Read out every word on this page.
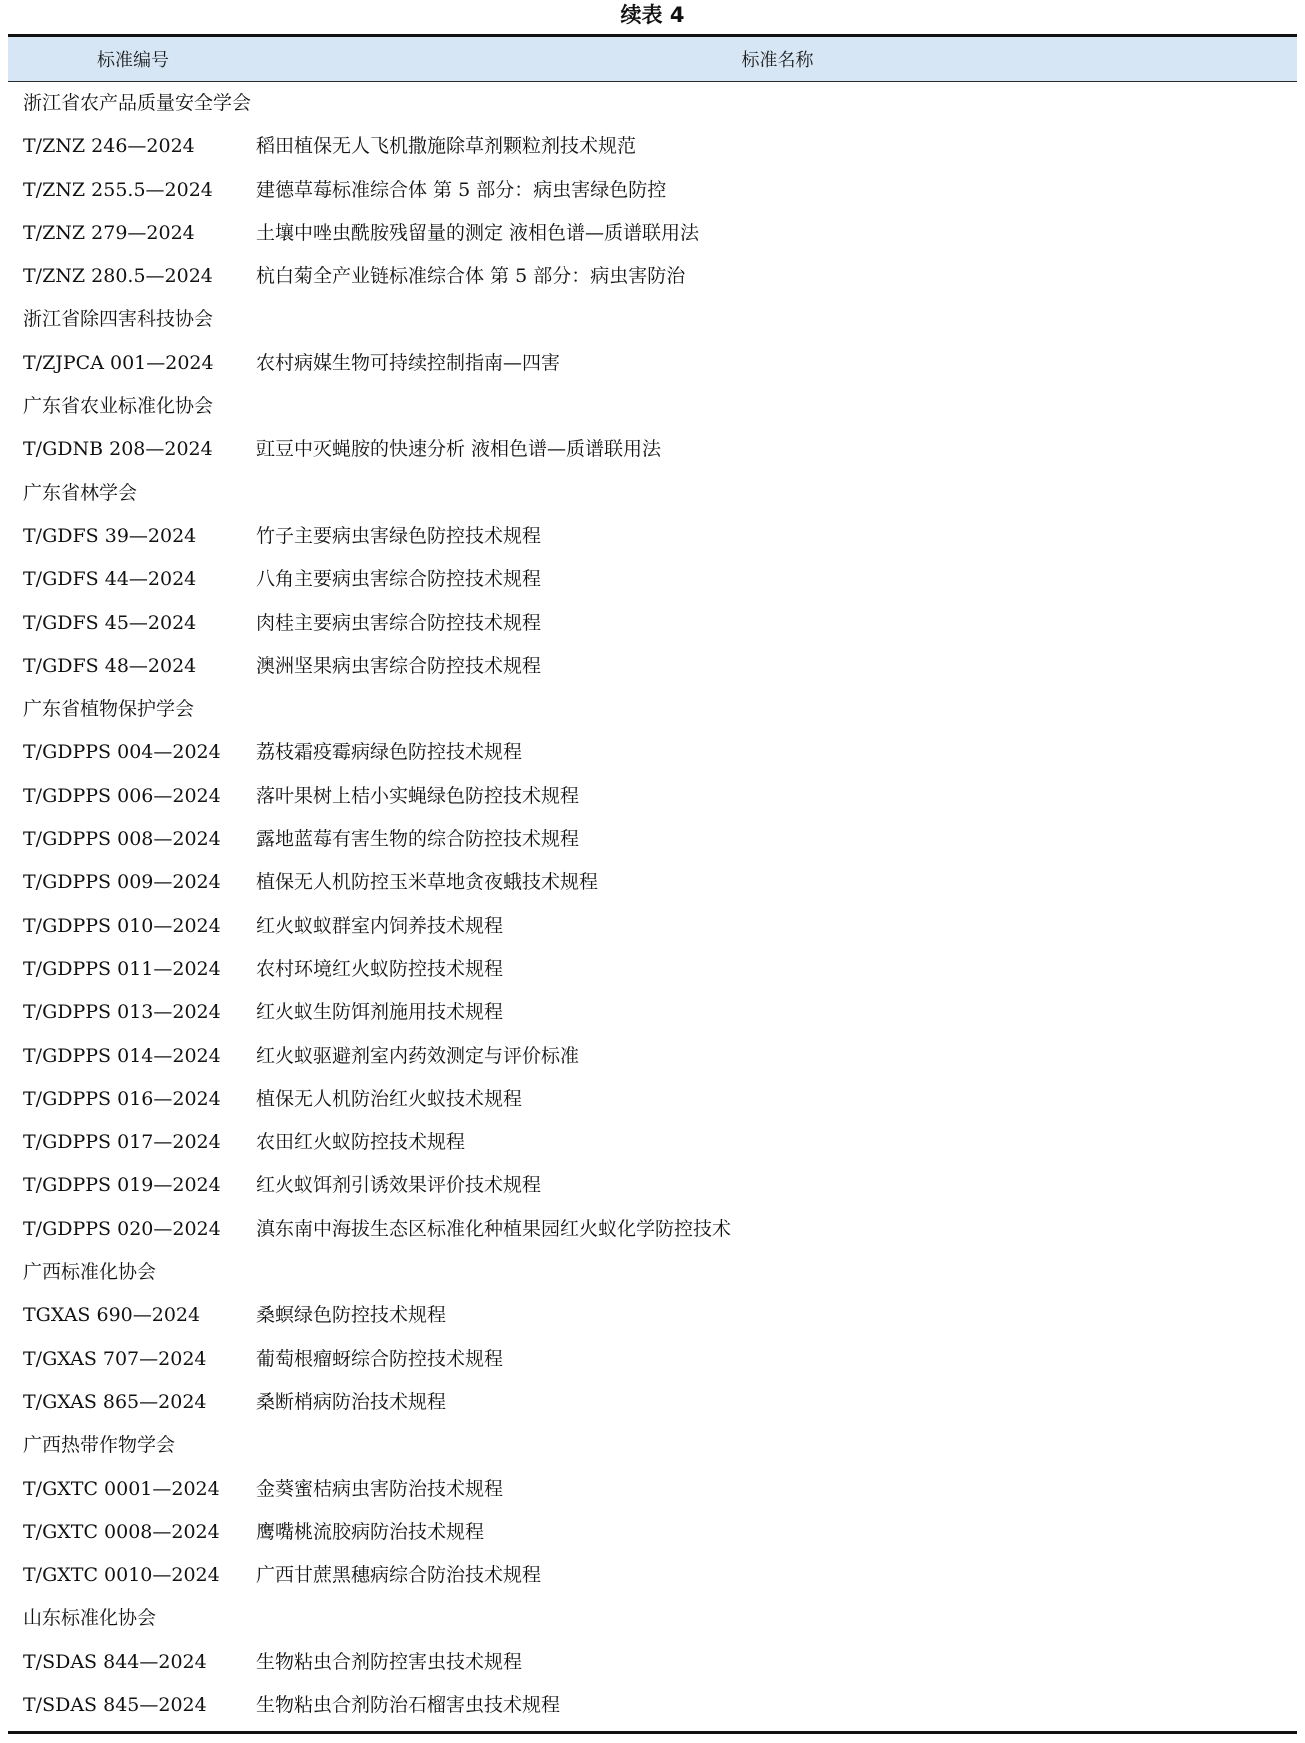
续表 4
标准编号	标准名称
浙江省农产品质量安全学会
T/ZNZ 246—2024	稻田植保无人飞机撒施除草剂颗粒剂技术规范
T/ZNZ 255.5—2024	建德草莓标准综合体 第 5 部分：病虫害绿色防控
T/ZNZ 279—2024	土壤中唑虫酰胺残留量的测定 液相色谱—质谱联用法
T/ZNZ 280.5—2024	杭白菊全产业链标准综合体 第 5 部分：病虫害防治
浙江省除四害科技协会
T/ZJPCA 001—2024	农村病媒生物可持续控制指南—四害
广东省农业标准化协会
T/GDNB 208—2024	豇豆中灭蝇胺的快速分析 液相色谱—质谱联用法
广东省林学会
T/GDFS 39—2024	竹子主要病虫害绿色防控技术规程
T/GDFS 44—2024	八角主要病虫害综合防控技术规程
T/GDFS 45—2024	肉桂主要病虫害综合防控技术规程
T/GDFS 48—2024	澳洲坚果病虫害综合防控技术规程
广东省植物保护学会
T/GDPPS 004—2024	荔枝霜疫霉病绿色防控技术规程
T/GDPPS 006—2024	落叶果树上桔小实蝇绿色防控技术规程
T/GDPPS 008—2024	露地蓝莓有害生物的综合防控技术规程
T/GDPPS 009—2024	植保无人机防控玉米草地贪夜蛾技术规程
T/GDPPS 010—2024	红火蚁蚁群室内饲养技术规程
T/GDPPS 011—2024	农村环境红火蚁防控技术规程
T/GDPPS 013—2024	红火蚁生防饵剂施用技术规程
T/GDPPS 014—2024	红火蚁驱避剂室内药效测定与评价标准
T/GDPPS 016—2024	植保无人机防治红火蚁技术规程
T/GDPPS 017—2024	农田红火蚁防控技术规程
T/GDPPS 019—2024	红火蚁饵剂引诱效果评价技术规程
T/GDPPS 020—2024	滇东南中海拔生态区标准化种植果园红火蚁化学防控技术
广西标准化协会
TGXAS 690—2024	桑螟绿色防控技术规程
T/GXAS 707—2024	葡萄根瘤蚜综合防控技术规程
T/GXAS 865—2024	桑断梢病防治技术规程
广西热带作物学会
T/GXTC 0001—2024	金葵蜜桔病虫害防治技术规程
T/GXTC 0008—2024	鹰嘴桃流胶病防治技术规程
T/GXTC 0010—2024	广西甘蔗黑穗病综合防治技术规程
山东标准化协会
T/SDAS 844—2024	生物粘虫合剂防控害虫技术规程
T/SDAS 845—2024	生物粘虫合剂防治石榴害虫技术规程
